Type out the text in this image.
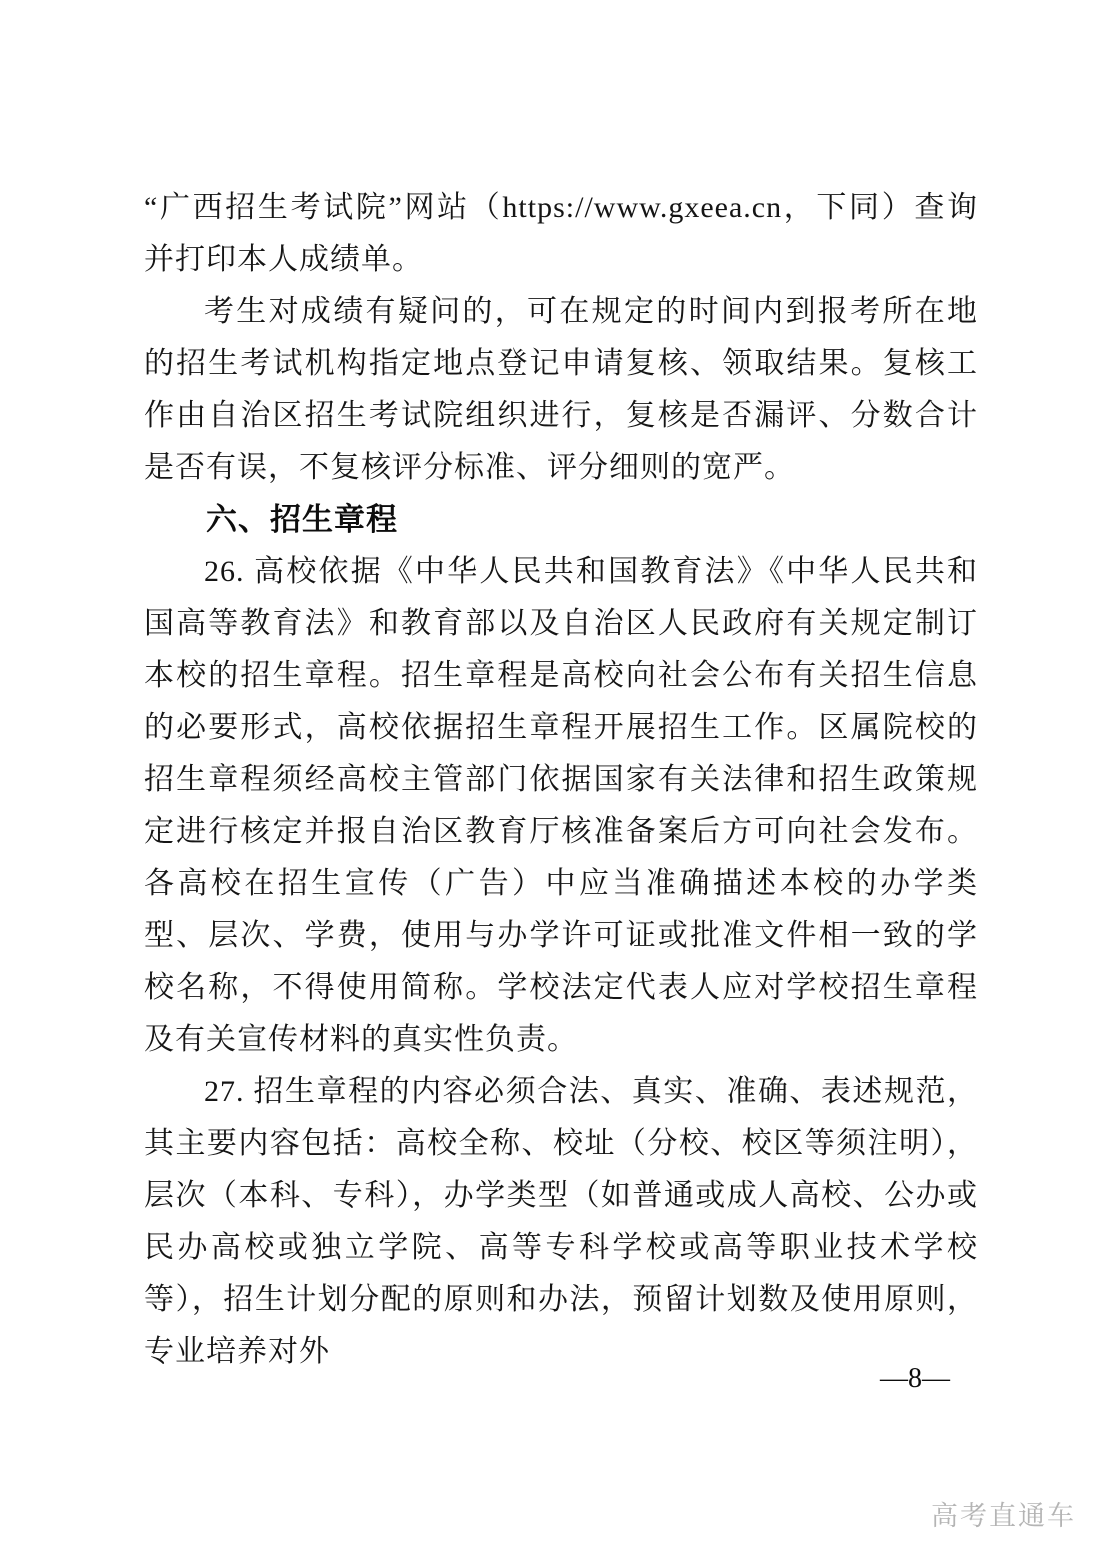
“广西招生考试院”网站（https://www.gxeea.cn，下同）查询并打印本人成绩单。

考生对成绩有疑问的，可在规定的时间内到报考所在地的招生考试机构指定地点登记申请复核、领取结果。复核工作由自治区招生考试院组织进行，复核是否漏评、分数合计是否有误，不复核评分标准、评分细则的宽严。

六、招生章程

26. 高校依据《中华人民共和国教育法》《中华人民共和国高等教育法》和教育部以及自治区人民政府有关规定制订本校的招生章程。招生章程是高校向社会公布有关招生信息的必要形式，高校依据招生章程开展招生工作。区属院校的招生章程须经高校主管部门依据国家有关法律和招生政策规定进行核定并报自治区教育厅核准备案后方可向社会发布。各高校在招生宣传（广告）中应当准确描述本校的办学类型、层次、学费，使用与办学许可证或批准文件相一致的学校名称，不得使用简称。学校法定代表人应对学校招生章程及有关宣传材料的真实性负责。

27. 招生章程的内容必须合法、真实、准确、表述规范，其主要内容包括：高校全称、校址（分校、校区等须注明），层次（本科、专科），办学类型（如普通或成人高校、公办或民办高校或独立学院、高等专科学校或高等职业技术学校等），招生计划分配的原则和办法，预留计划数及使用原则，专业培养对外

—8—
高考直通车
